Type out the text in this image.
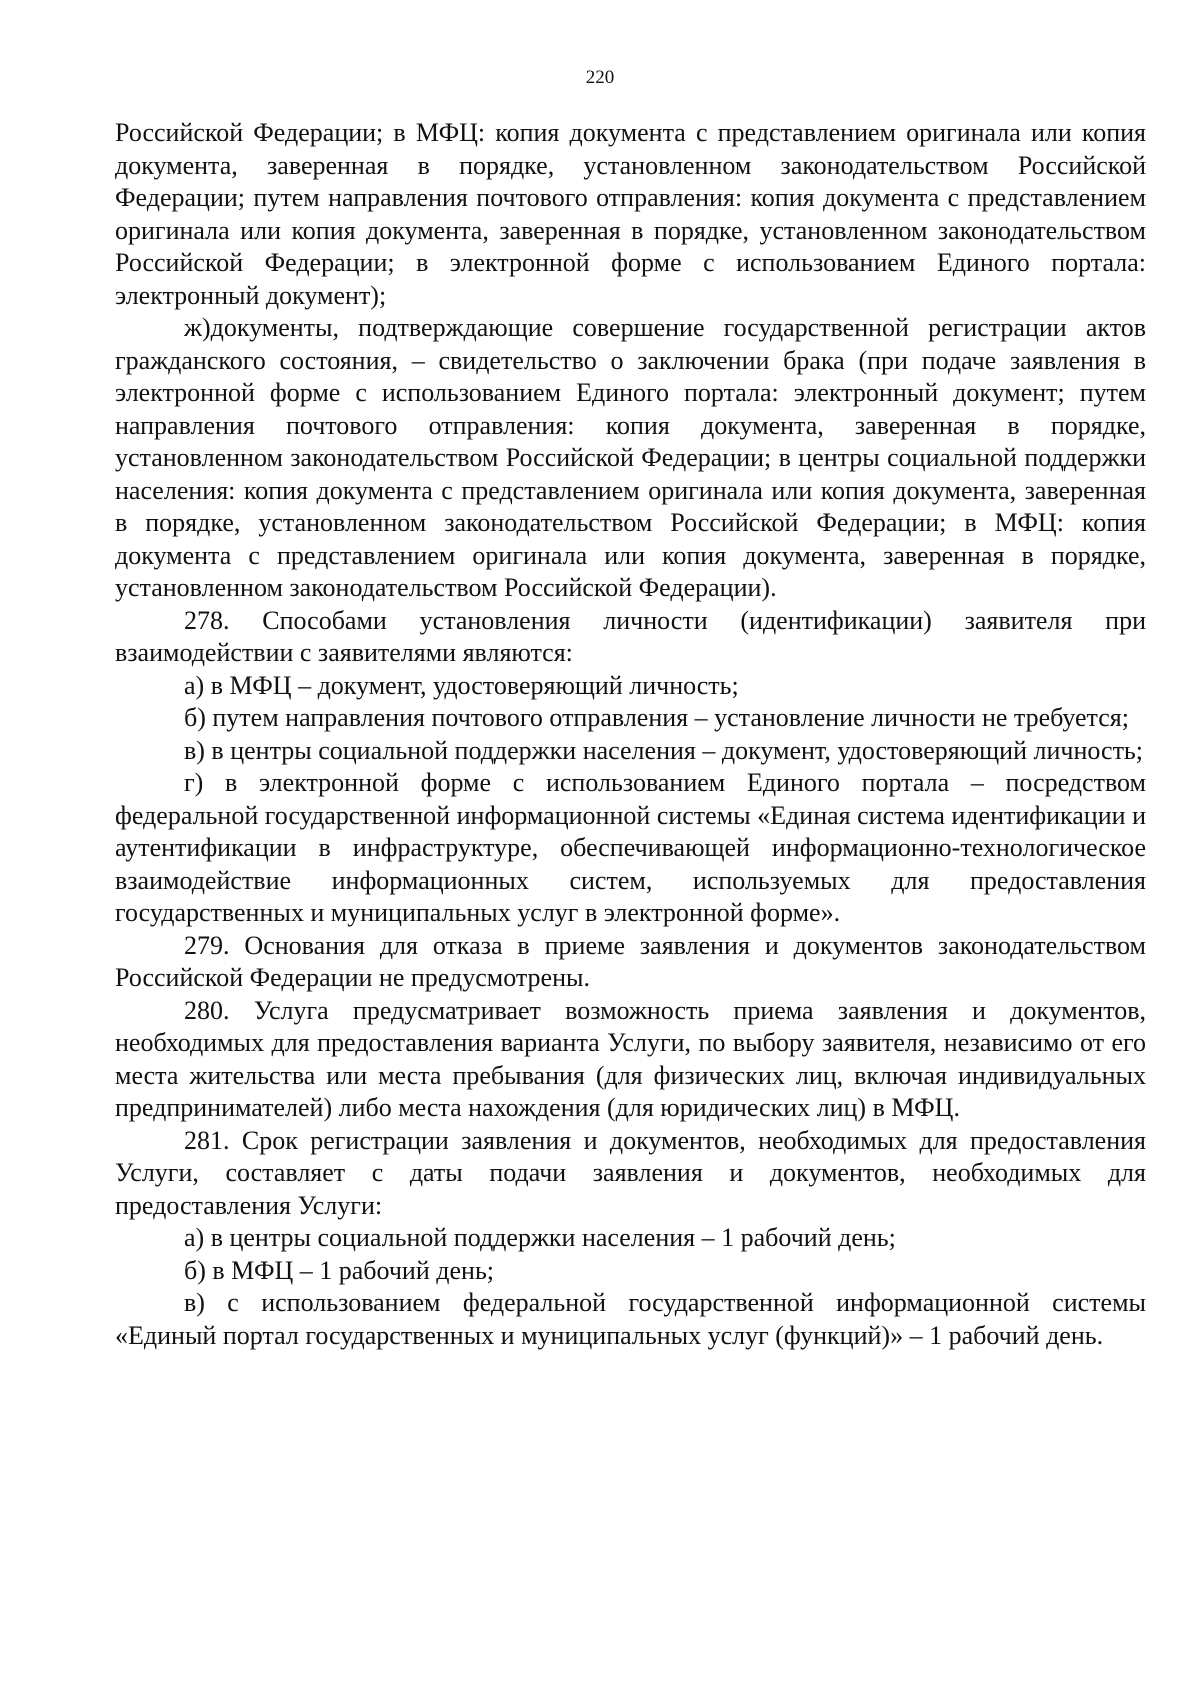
220

Российской Федерации; в МФЦ: копия документа с представлением оригинала или копия документа, заверенная в порядке, установленном законодательством Российской Федерации; путем направления почтового отправления: копия документа с представлением оригинала или копия документа, заверенная в порядке, установленном законодательством Российской Федерации; в электронной форме с использованием Единого портала: электронный документ);

ж)документы, подтверждающие совершение государственной регистрации актов гражданского состояния, – свидетельство о заключении брака (при подаче заявления в электронной форме с использованием Единого портала: электронный документ; путем направления почтового отправления: копия документа, заверенная в порядке, установленном законодательством Российской Федерации; в центры социальной поддержки населения: копия документа с представлением оригинала или копия документа, заверенная в порядке, установленном законодательством Российской Федерации; в МФЦ: копия документа с представлением оригинала или копия документа, заверенная в порядке, установленном законодательством Российской Федерации).

278. Способами установления личности (идентификации) заявителя при взаимодействии с заявителями являются:

а) в МФЦ – документ, удостоверяющий личность;

б) путем направления почтового отправления – установление личности не требуется;

в) в центры социальной поддержки населения – документ, удостоверяющий личность;

г) в электронной форме с использованием Единого портала – посредством федеральной государственной информационной системы «Единая система идентификации и аутентификации в инфраструктуре, обеспечивающей информационно-технологическое взаимодействие информационных систем, используемых для предоставления государственных и муниципальных услуг в электронной форме».

279. Основания для отказа в приеме заявления и документов законодательством Российской Федерации не предусмотрены.

280. Услуга предусматривает возможность приема заявления и документов, необходимых для предоставления варианта Услуги, по выбору заявителя, независимо от его места жительства или места пребывания (для физических лиц, включая индивидуальных предпринимателей) либо места нахождения (для юридических лиц) в МФЦ.

281. Срок регистрации заявления и документов, необходимых для предоставления Услуги, составляет с даты подачи заявления и документов, необходимых для предоставления Услуги:

а) в центры социальной поддержки населения – 1 рабочий день;

б) в МФЦ – 1 рабочий день;

в) с использованием федеральной государственной информационной системы «Единый портал государственных и муниципальных услуг (функций)» – 1 рабочий день.
